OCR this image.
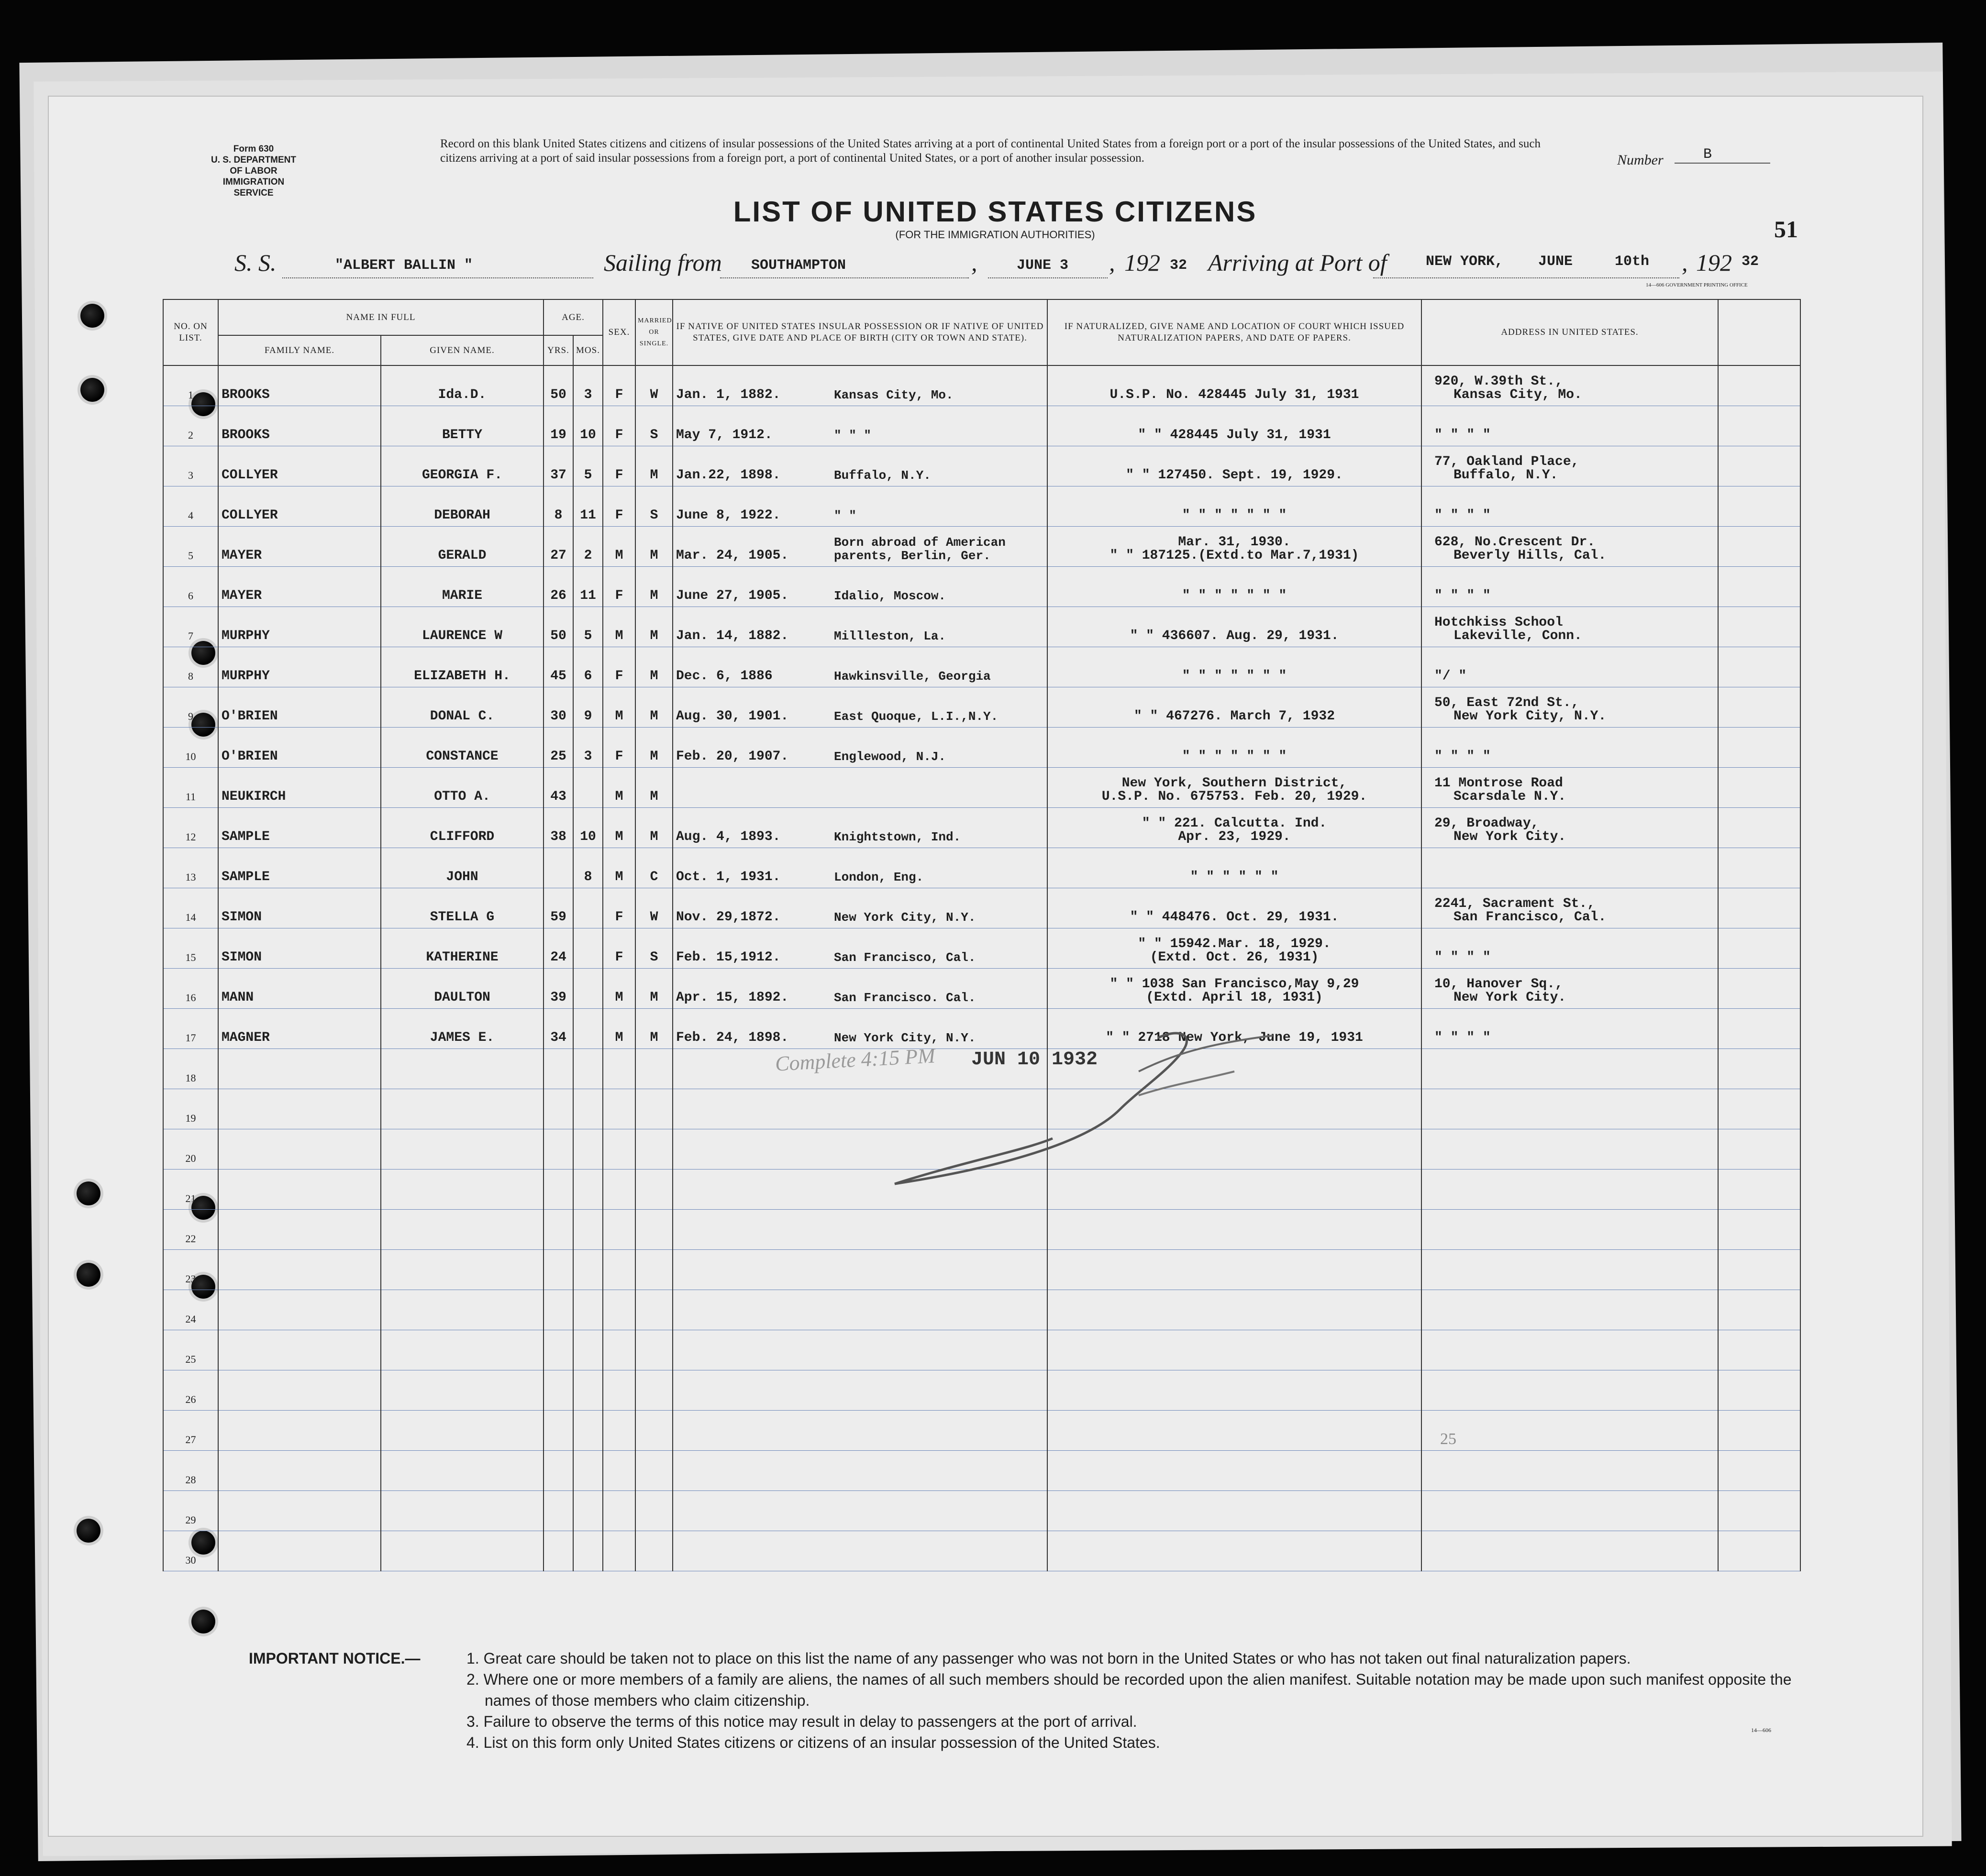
Form 630
U. S. DEPARTMENT OF LABOR
IMMIGRATION SERVICE
Record on this blank United States citizens and citizens of insular possessions of the United States arriving at a port of continental United States from a foreign port or a port of the insular possessions of the United States, and such citizens arriving at a port of said insular possessions from a foreign port, a port of continental United States, or a port of another insular possession.	Number	B
LIST OF UNITED STATES CITIZENS
(FOR THE IMMIGRATION AUTHORITIES)	51
S. S.	"ALBERT BALLIN "	Sailing from SOUTHAMPTON	,	JUNE 3 , 192 32 Arriving at Port of	NEW YORK, JUNE	10th , 192 32
14—606 GOVERNMENT PRINTING OFFICE
NO. ON LIST.	NAME IN FULL		AGE.		SEX.	MARRIED OR SINGLE.	IF NATIVE OF UNITED STATES INSULAR POSSESSION OR IF NATIVE OF UNITED STATES, GIVE DATE AND PLACE OF BIRTH (CITY OR TOWN AND STATE).	IF NATURALIZED, GIVE NAME AND LOCATION OF COURT WHICH ISSUED NATURALIZATION PAPERS, AND DATE OF PAPERS.	ADDRESS IN UNITED STATES.	
	FAMILY NAME.	GIVEN NAME.	YRS.	MOS.						
1	BROOKS	Ida.D.	50	3	F	W	Jan. 1, 1882. Kansas City, Mo.	U.S.P. No. 428445 July 31, 1931	920, W.39th St.,
Kansas City, Mo.	

2	BROOKS	BETTY	19	10	F	S	May 7, 1912. " " "	" " 428445 July 31, 1931	" " " "	

3	COLLYER	GEORGIA F.	37	5	F	M	Jan.22, 1898. Buffalo, N.Y.	" " 127450. Sept. 19, 1929.	77, Oakland Place,
Buffalo, N.Y.	

4	COLLYER	DEBORAH	8	11	F	S	June 8, 1922. " "	" " " " " " "	" " " "	

5	MAYER	GERALD	27	2	M	M	Mar. 24, 1905.Born abroad of American parents, Berlin, Ger.	Mar. 31, 1930.
" " 187125.(Extd.to Mar.7,1931)	628, No.Crescent Dr.
Beverly Hills, Cal.	

6	MAYER	MARIE	26	11	F	M	June 27, 1905. Idalio, Moscow.	" " " " " " "	" " " "	

7	MURPHY	LAURENCE W	50	5	M	M	Jan. 14, 1882. Millleston, La.	" " 436607. Aug. 29, 1931.	Hotchkiss School
Lakeville, Conn.	

8	MURPHY	ELIZABETH H.	45	6	F	M	Dec. 6, 1886 Hawkinsville, Georgia	" " " " " " "	"/ "	

9	O'BRIEN	DONAL C.	30	9	M	M	Aug. 30, 1901. East Quoque, L.I.,N.Y.	" " 467276. March 7, 1932	50, East 72nd St.,
New York City, N.Y.	

10	O'BRIEN	CONSTANCE	25	3	F	M	Feb. 20, 1907. Englewood, N.J.	" " " " " " "	" " " "	

11	NEUKIRCH	OTTO A.	43		M	M		New York, Southern District,
U.S.P. No. 675753. Feb. 20, 1929.	11 Montrose Road
Scarsdale N.Y.	

12	SAMPLE	CLIFFORD	38	10	M	M	Aug. 4, 1893. Knightstown, Ind.	" " 221. Calcutta. Ind.
Apr. 23, 1929.	29, Broadway,
New York City.	

13	SAMPLE	JOHN		8	M	C	Oct. 1, 1931. London, Eng.	" " " " " "		

14	SIMON	STELLA G	59		F	W	Nov. 29,1872. New York City, N.Y.	" " 448476. Oct. 29, 1931.	2241, Sacrament St.,
San Francisco, Cal.	

15	SIMON	KATHERINE	24		F	S	Feb. 15,1912. San Francisco, Cal.	" " 15942.Mar. 18, 1929.
(Extd. Oct. 26, 1931)	" " " "	

16	MANN	DAULTON	39		M	M	Apr. 15, 1892. San Francisco. Cal.	" " 1038 San Francisco,May 9,29
(Extd. April 18, 1931)	10, Hanover Sq.,
New York City.	

17	MAGNER	JAMES E.	34		M	M	Feb. 24, 1898. New York City, N.Y.	" " 2718 New York, June 19, 1931	" " " "	

18								

19								

20								

21								

22								

23								

24								

25								

26								

27								

28								

29								

30								

Complete 4:15 PM JUN 10 1932
25
IMPORTANT NOTICE.—	1. Great care should be taken not to place on this list the name of any passenger who was not born in the United States or who has not taken out final naturalization papers.
2. Where one or more members of a family are aliens, the names of all such members should be recorded upon the alien manifest. Suitable notation may be made upon such manifest opposite the names of those members who claim citizenship.
3. Failure to observe the terms of this notice may result in delay to passengers at the port of arrival.
4. List on this form only United States citizens or citizens of an insular possession of the United States.
14—606
